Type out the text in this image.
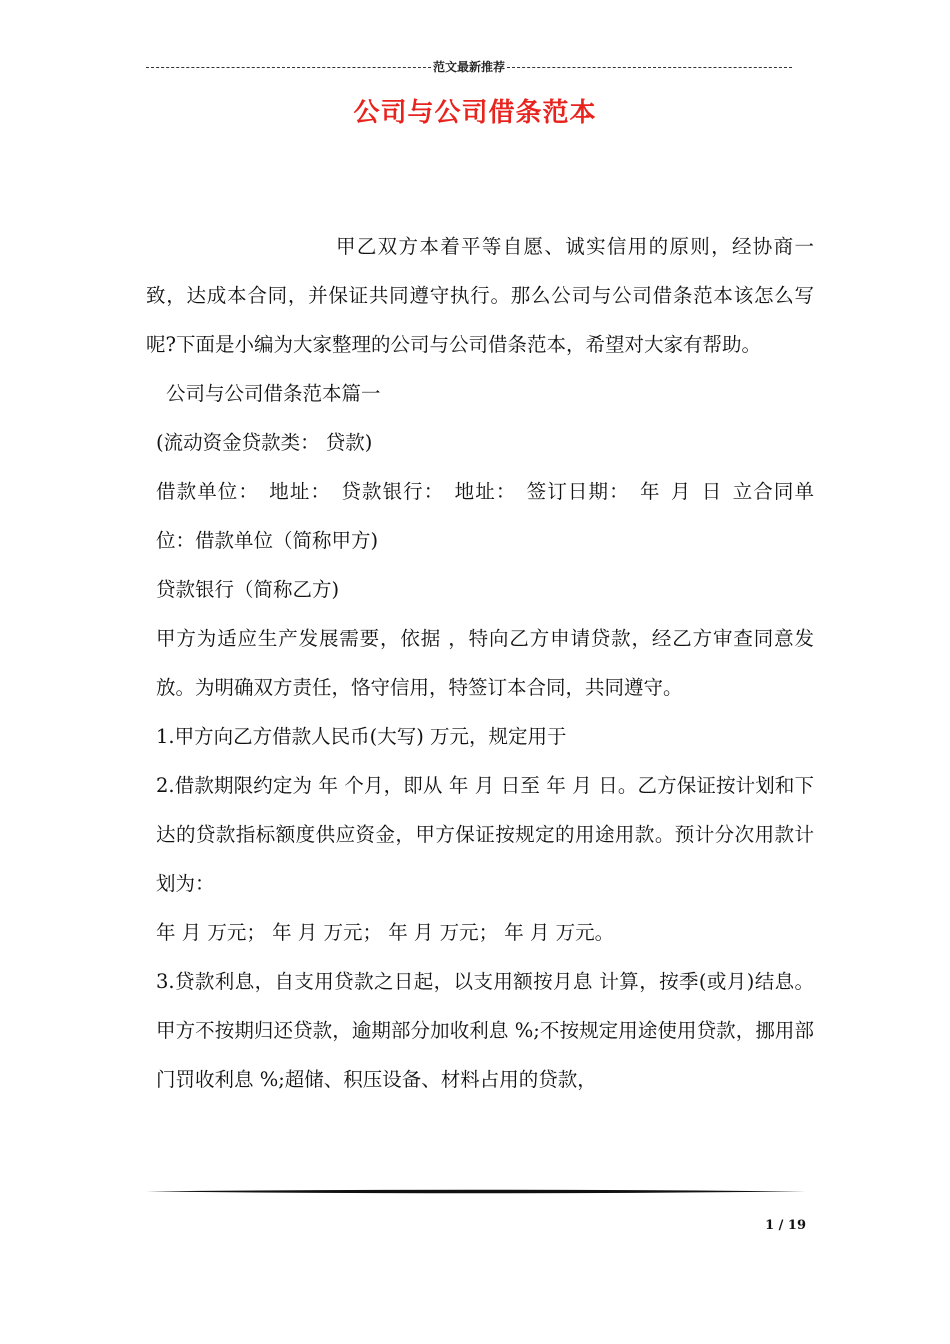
范文最新推荐
公司与公司借条范本

甲乙双方本着平等自愿、诚实信用的原则，经协商一致，达成本合同，并保证共同遵守执行。那么公司与公司借条范本该怎么写呢?下面是小编为大家整理的公司与公司借条范本，希望对大家有帮助。

公司与公司借条范本篇一

(流动资金贷款类： 贷款)

借款单位： 地址： 贷款银行： 地址： 签订日期： 年 月 日 立合同单位：借款单位（简称甲方)

贷款银行（简称乙方)

甲方为适应生产发展需要，依据 ，特向乙方申请贷款，经乙方审查同意发放。为明确双方责任，恪守信用，特签订本合同，共同遵守。

1.甲方向乙方借款人民币(大写) 万元，规定用于

2.借款期限约定为 年 个月，即从 年 月 日至 年 月 日。乙方保证按计划和下达的贷款指标额度供应资金，甲方保证按规定的用途用款。预计分次用款计划为：

年 月 万元； 年 月 万元； 年 月 万元； 年 月 万元。

3.贷款利息，自支用贷款之日起，以支用额按月息 计算，按季(或月)结息。甲方不按期归还贷款，逾期部分加收利息 %;不按规定用途使用贷款，挪用部门罚收利息 %;超储、积压设备、材料占用的贷款，

1 / 19
